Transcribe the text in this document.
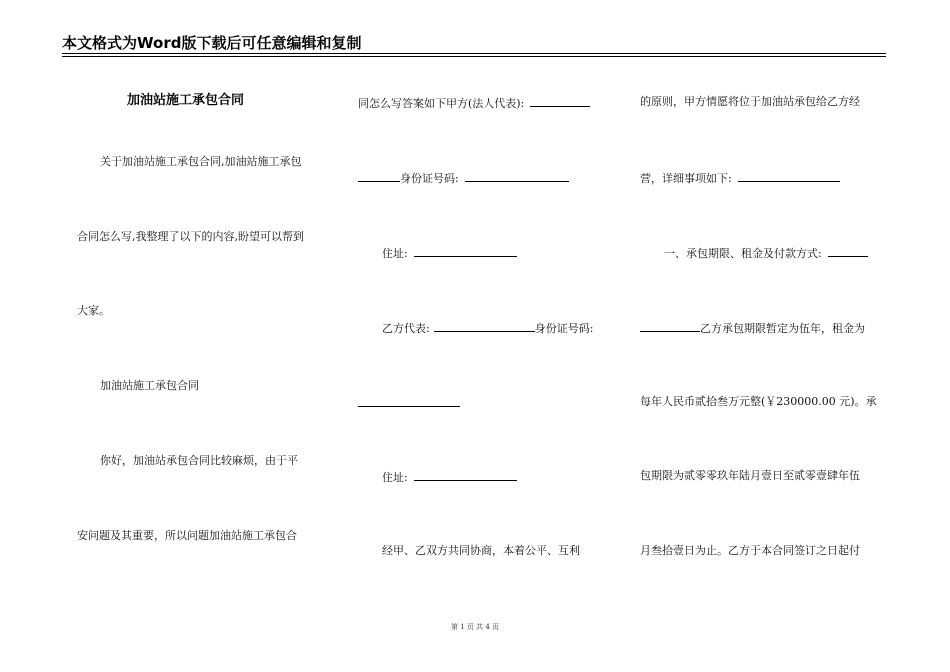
本文格式为Word版下载后可任意编辑和复制
加油站施工承包合同
关于加油站施工承包合同,加油站施工承包
合同怎么写,我整理了以下的内容,盼望可以帮到
大家。
加油站施工承包合同
你好，加油站承包合同比较麻烦，由于平
安问题及其重要，所以问题加油站施工承包合
同怎么写答案如下甲方(法人代表):
身份证号码:
住址:
乙方代表:	身份证号码:
住址:
经甲、乙双方共同协商，本着公平、互利
的原则，甲方情愿将位于加油站承包给乙方经
营，详细事项如下:
一、承包期限、租金及付款方式:
乙方承包期限暂定为伍年，租金为
每年人民币贰拾叁万元整(￥230000.00 元)。承
包期限为贰零零玖年陆月壹日至贰零壹肆年伍
月叁拾壹日为止。乙方于本合同签订之日起付
第 1 页 共 4 页
